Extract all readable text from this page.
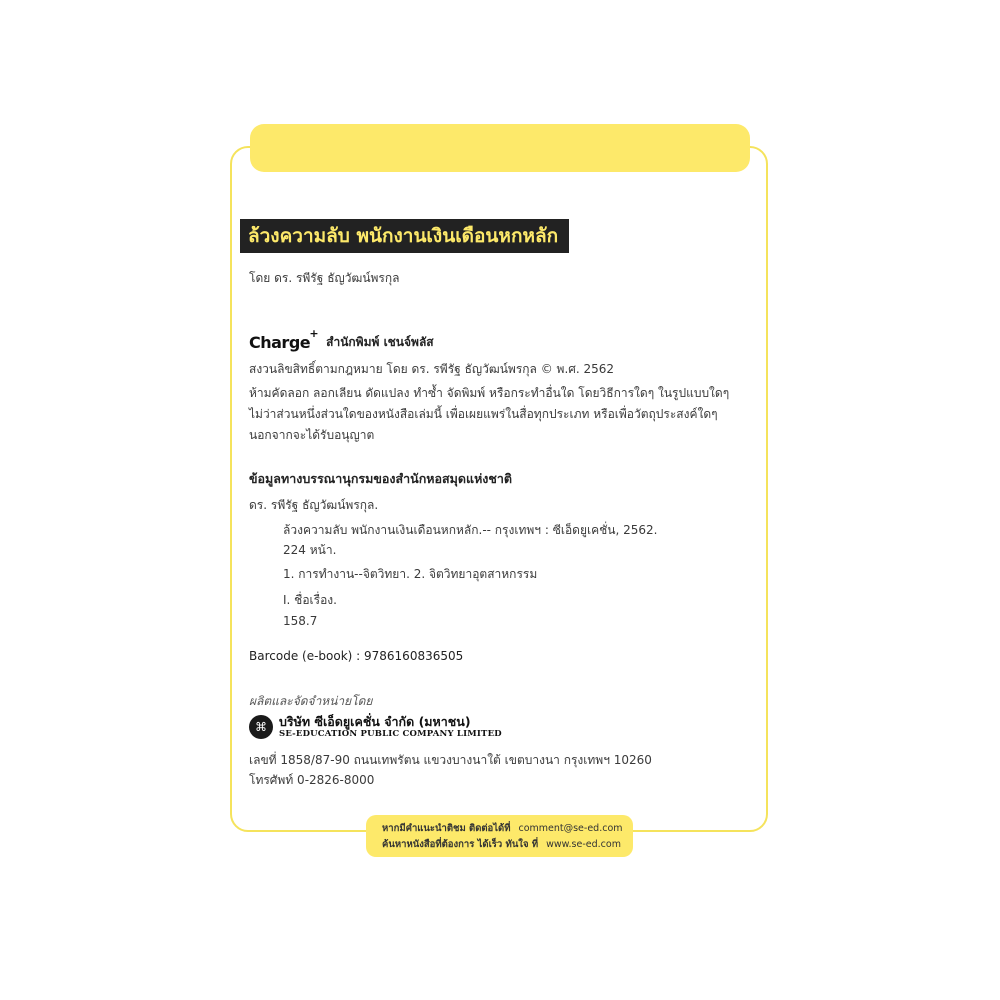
ล้วงความลับ พนักงานเงินเดือนหกหลัก
โดย ดร. รพีรัฐ ธัญวัฒน์พรกุล
Charge +
สำนักพิมพ์ เชนจ์พลัส
สงวนลิขสิทธิ์ตามกฎหมาย โดย ดร. รพีรัฐ ธัญวัฒน์พรกุล © พ.ศ. 2562
ห้ามคัดลอก ลอกเลียน ดัดแปลง ทำซ้ำ จัดพิมพ์ หรือกระทำอื่นใด โดยวิธีการใดๆ ในรูปแบบใดๆ
ไม่ว่าส่วนหนึ่งส่วนใดของหนังสือเล่มนี้ เพื่อเผยแพร่ในสื่อทุกประเภท หรือเพื่อวัตถุประสงค์ใดๆ
นอกจากจะได้รับอนุญาต
ข้อมูลทางบรรณานุกรมของสำนักหอสมุดแห่งชาติ
ดร. รพีรัฐ ธัญวัฒน์พรกุล.
ล้วงความลับ พนักงานเงินเดือนหกหลัก.-- กรุงเทพฯ : ซีเอ็ดยูเคชั่น, 2562.
224 หน้า.
1. การทำงาน--จิตวิทยา. 2. จิตวิทยาอุตสาหกรรม
I. ชื่อเรื่อง.
158.7
Barcode (e-book) : 9786160836505
ผลิตและจัดจำหน่ายโดย
⌘ บริษัท ซีเอ็ดยูเคชั่น จำกัด (มหาชน)
SE-EDUCATION PUBLIC COMPANY LIMITED
เลขที่ 1858/87-90 ถนนเทพรัตน แขวงบางนาใต้ เขตบางนา กรุงเทพฯ 10260
โทรศัพท์ 0-2826-8000
หากมีคำแนะนำติชม ติดต่อได้ที่ comment@se-ed.com
ค้นหาหนังสือที่ต้องการ ได้เร็ว ทันใจ ที่ www.se-ed.com
